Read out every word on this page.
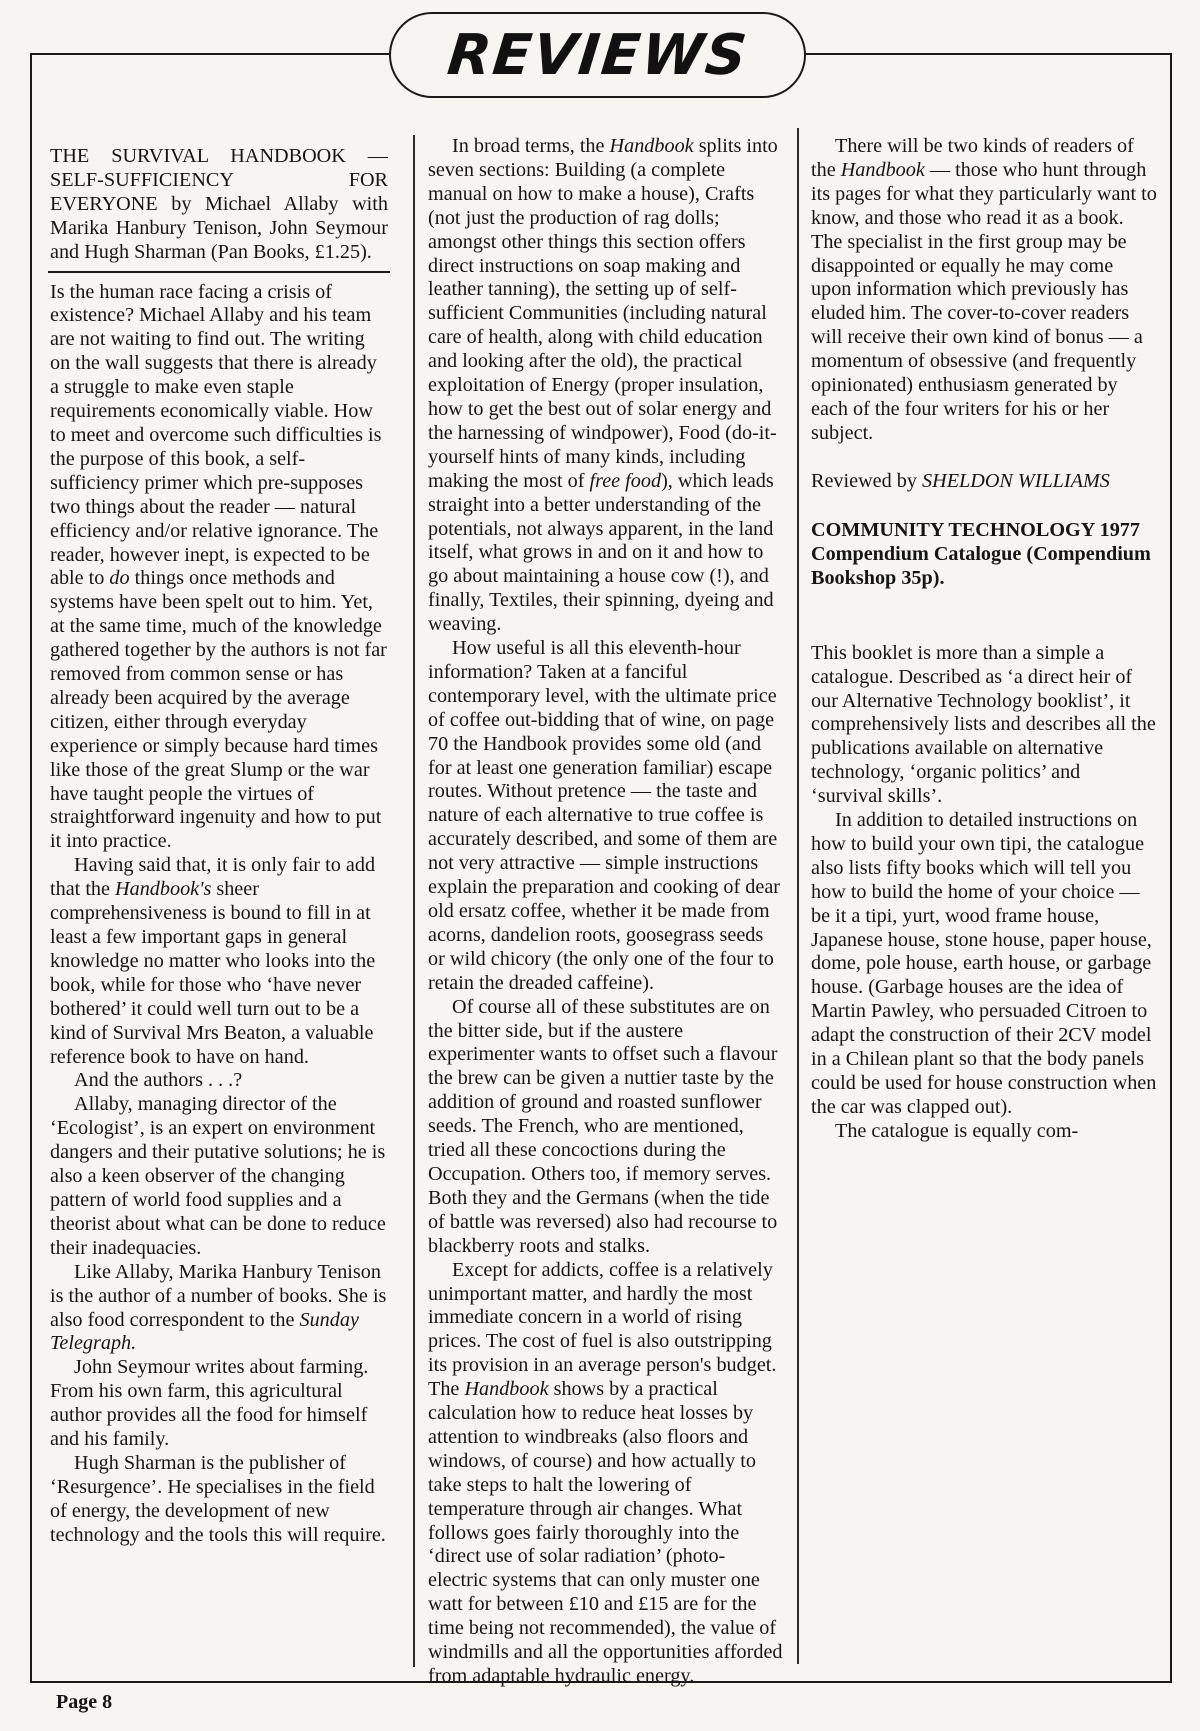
REVIEWS

THE SURVIVAL HANDBOOK — SELF-SUFFICIENCY FOR EVERYONE by Michael Allaby with Marika Hanbury Tenison, John Seymour and Hugh Sharman (Pan Books, £1.25).

Is the human race facing a crisis of existence? Michael Allaby and his team are not waiting to find out. The writing on the wall suggests that there is already a struggle to make even staple requirements economically viable. How to meet and overcome such difficulties is the purpose of this book, a self-sufficiency primer which pre-supposes two things about the reader — natural efficiency and/or relative ignorance. The reader, however inept, is expected to be able to do things once methods and systems have been spelt out to him. Yet, at the same time, much of the knowledge gathered together by the authors is not far removed from common sense or has already been acquired by the average citizen, either through everyday experience or simply because hard times like those of the great Slump or the war have taught people the virtues of straightforward ingenuity and how to put it into practice.

Having said that, it is only fair to add that the Handbook's sheer comprehensiveness is bound to fill in at least a few important gaps in general knowledge no matter who looks into the book, while for those who ‘have never bothered’ it could well turn out to be a kind of Survival Mrs Beaton, a valuable reference book to have on hand.

And the authors . . .?

Allaby, managing director of the ‘Ecologist’, is an expert on environment dangers and their putative solutions; he is also a keen observer of the changing pattern of world food supplies and a theorist about what can be done to reduce their inadequacies.

Like Allaby, Marika Hanbury Tenison is the author of a number of books. She is also food correspondent to the Sunday Telegraph.

John Seymour writes about farming. From his own farm, this agricultural author provides all the food for himself and his family.

Hugh Sharman is the publisher of ‘Resurgence’. He specialises in the field of energy, the development of new technology and the tools this will require.

In broad terms, the Handbook splits into seven sections: Building (a complete manual on how to make a house), Crafts (not just the production of rag dolls; amongst other things this section offers direct instructions on soap making and leather tanning), the setting up of self-sufficient Communities (including natural care of health, along with child education and looking after the old), the practical exploitation of Energy (proper insulation, how to get the best out of solar energy and the harnessing of windpower), Food (do-it-yourself hints of many kinds, including making the most of free food), which leads straight into a better understanding of the potentials, not always apparent, in the land itself, what grows in and on it and how to go about maintaining a house cow (!), and finally, Textiles, their spinning, dyeing and weaving.

How useful is all this eleventh-hour information? Taken at a fanciful contemporary level, with the ultimate price of coffee out-bidding that of wine, on page 70 the Handbook provides some old (and for at least one generation familiar) escape routes. Without pretence — the taste and nature of each alternative to true coffee is accurately described, and some of them are not very attractive — simple instructions explain the preparation and cooking of dear old ersatz coffee, whether it be made from acorns, dandelion roots, goosegrass seeds or wild chicory (the only one of the four to retain the dreaded caffeine).

Of course all of these substitutes are on the bitter side, but if the austere experimenter wants to offset such a flavour the brew can be given a nuttier taste by the addition of ground and roasted sunflower seeds. The French, who are mentioned, tried all these concoctions during the Occupation. Others too, if memory serves. Both they and the Germans (when the tide of battle was reversed) also had recourse to blackberry roots and stalks.

Except for addicts, coffee is a relatively unimportant matter, and hardly the most immediate concern in a world of rising prices. The cost of fuel is also outstripping its provision in an average person's budget. The Handbook shows by a practical calculation how to reduce heat losses by attention to windbreaks (also floors and windows, of course) and how actually to take steps to halt the lowering of temperature through air changes. What follows goes fairly thoroughly into the ‘direct use of solar radiation’ (photo-electric systems that can only muster one watt for between £10 and £15 are for the time being not recommended), the value of windmills and all the opportunities afforded from adaptable hydraulic energy.

There will be two kinds of readers of the Handbook — those who hunt through its pages for what they particularly want to know, and those who read it as a book. The specialist in the first group may be disappointed or equally he may come upon information which previously has eluded him. The cover-to-cover readers will receive their own kind of bonus — a momentum of obsessive (and frequently opinionated) enthusiasm generated by each of the four writers for his or her subject.

Reviewed by SHELDON WILLIAMS

COMMUNITY TECHNOLOGY 1977 Compendium Catalogue (Compendium Bookshop 35p).

This booklet is more than a simple a catalogue. Described as ‘a direct heir of our Alternative Technology booklist’, it comprehensively lists and describes all the publications available on alternative technology, ‘organic politics’ and ‘survival skills’.

In addition to detailed instructions on how to build your own tipi, the catalogue also lists fifty books which will tell you how to build the home of your choice — be it a tipi, yurt, wood frame house, Japanese house, stone house, paper house, dome, pole house, earth house, or garbage house. (Garbage houses are the idea of Martin Pawley, who persuaded Citroen to adapt the construction of their 2CV model in a Chilean plant so that the body panels could be used for house construction when the car was clapped out).

The catalogue is equally com-

Page 8
